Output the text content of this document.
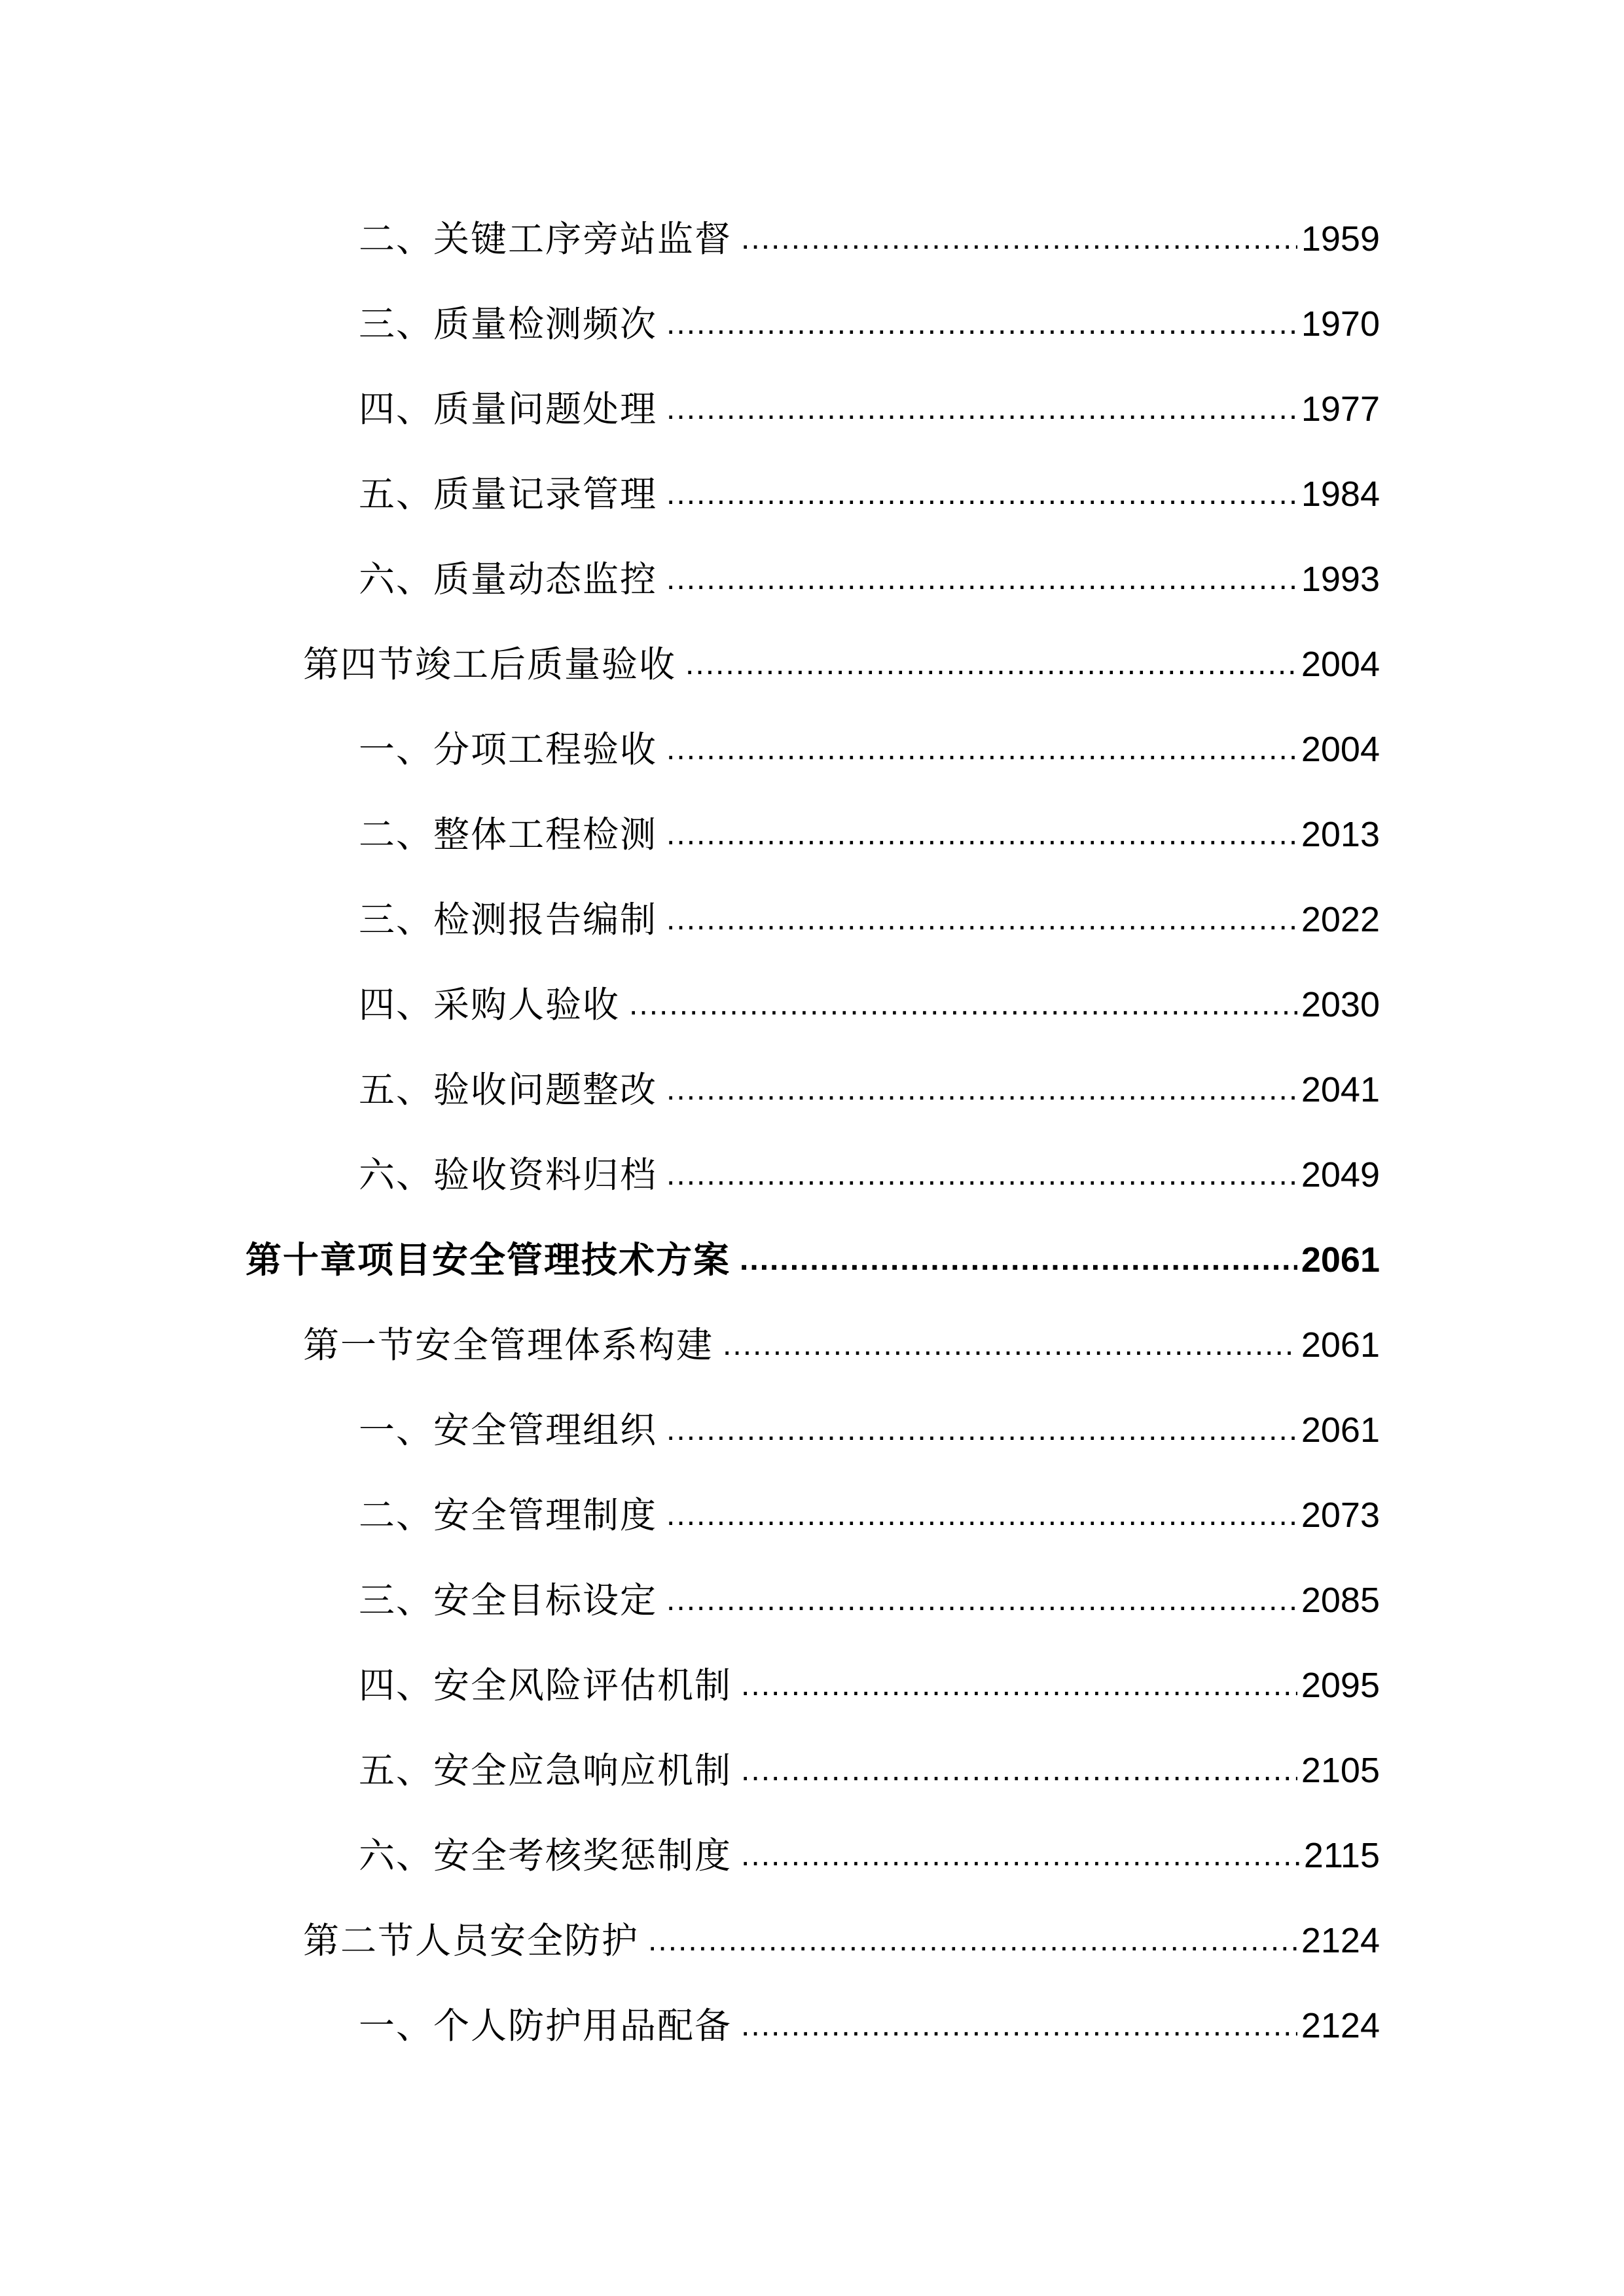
二、关键工序旁站监督 .....	1959
三、质量检测频次 .....	1970
四、质量问题处理 .....	1977
五、质量记录管理 .....	1984
六、质量动态监控 .....	1993
第四节竣工后质量验收 .....	2004
一、分项工程验收 .....	2004
二、整体工程检测 .....	2013
三、检测报告编制 .....	2022
四、采购人验收 .....	2030
五、验收问题整改 .....	2041
六、验收资料归档 .....	2049
第十章项目安全管理技术方案 .....	2061
第一节安全管理体系构建 .....	2061
一、安全管理组织 .....	2061
二、安全管理制度 .....	2073
三、安全目标设定 .....	2085
四、安全风险评估机制 .....	2095
五、安全应急响应机制 .....	2105
六、安全考核奖惩制度 .....	2115
第二节人员安全防护 .....	2124
一、个人防护用品配备 .....	2124
